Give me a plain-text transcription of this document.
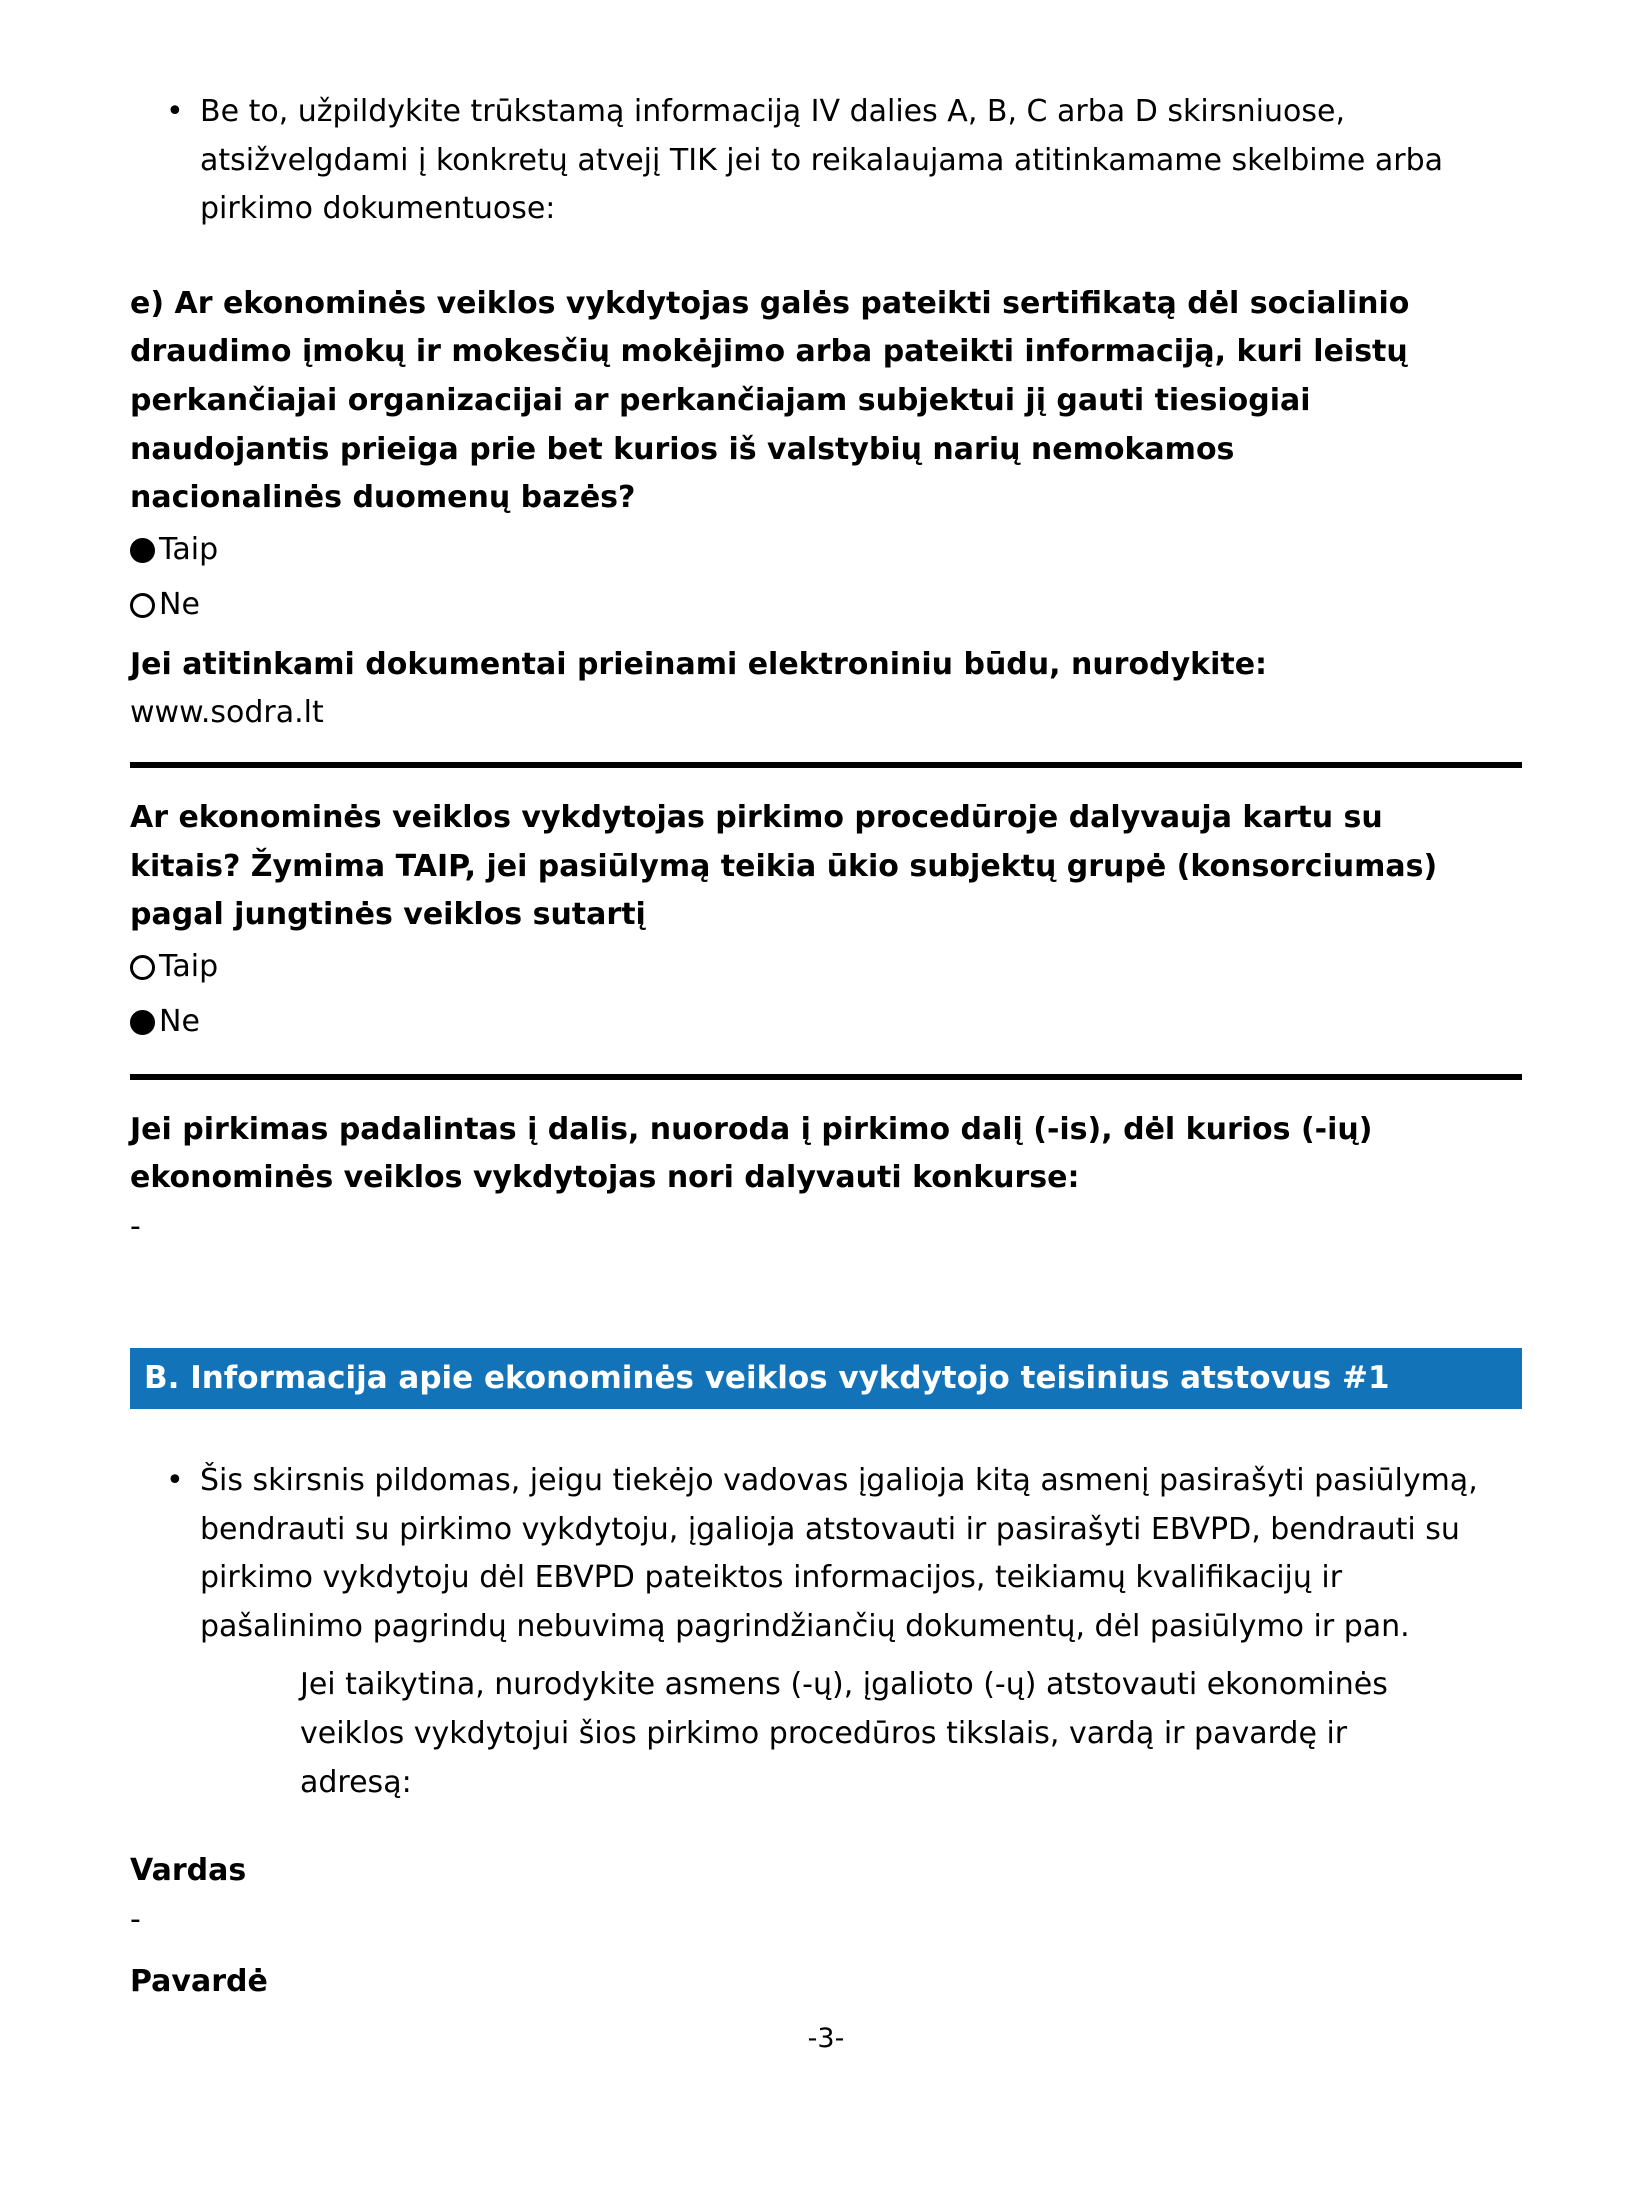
•
Be to, užpildykite trūkstamą informaciją IV dalies A, B, C arba D skirsniuose, atsižvelgdami į konkretų atvejį TIK jei to reikalaujama atitinkamame skelbime arba pirkimo dokumentuose:

e) Ar ekonominės veiklos vykdytojas galės pateikti sertifikatą dėl socialinio draudimo įmokų ir mokesčių mokėjimo arba pateikti informaciją, kuri leistų perkančiajai organizacijai ar perkančiajam subjektui jį gauti tiesiogiai naudojantis prieiga prie bet kurios iš valstybių narių nemokamos nacionalinės duomenų bazės?

Taip
Ne

Jei atitinkami dokumentai prieinami elektroniniu būdu, nurodykite:

www.sodra.lt

Ar ekonominės veiklos vykdytojas pirkimo procedūroje dalyvauja kartu su kitais? Žymima TAIP, jei pasiūlymą teikia ūkio subjektų grupė (konsorciumas) pagal jungtinės veiklos sutartį

Taip
Ne

Jei pirkimas padalintas į dalis, nuoroda į pirkimo dalį (-is), dėl kurios (-ių) ekonominės veiklos vykdytojas nori dalyvauti konkurse:

-

B. Informacija apie ekonominės veiklos vykdytojo teisinius atstovus #1
•
Šis skirsnis pildomas, jeigu tiekėjo vadovas įgalioja kitą asmenį pasirašyti pasiūlymą, bendrauti su pirkimo vykdytoju, įgalioja atstovauti ir pasirašyti EBVPD, bendrauti su pirkimo vykdytoju dėl EBVPD pateiktos informacijos, teikiamų kvalifikacijų ir pašalinimo pagrindų nebuvimą pagrindžiančių dokumentų, dėl pasiūlymo ir pan.

Jei taikytina, nurodykite asmens (-ų), įgalioto (-ų) atstovauti ekonominės veiklos vykdytojui šios pirkimo procedūros tikslais, vardą ir pavardę ir adresą:

Vardas

-

Pavardė

-3-
